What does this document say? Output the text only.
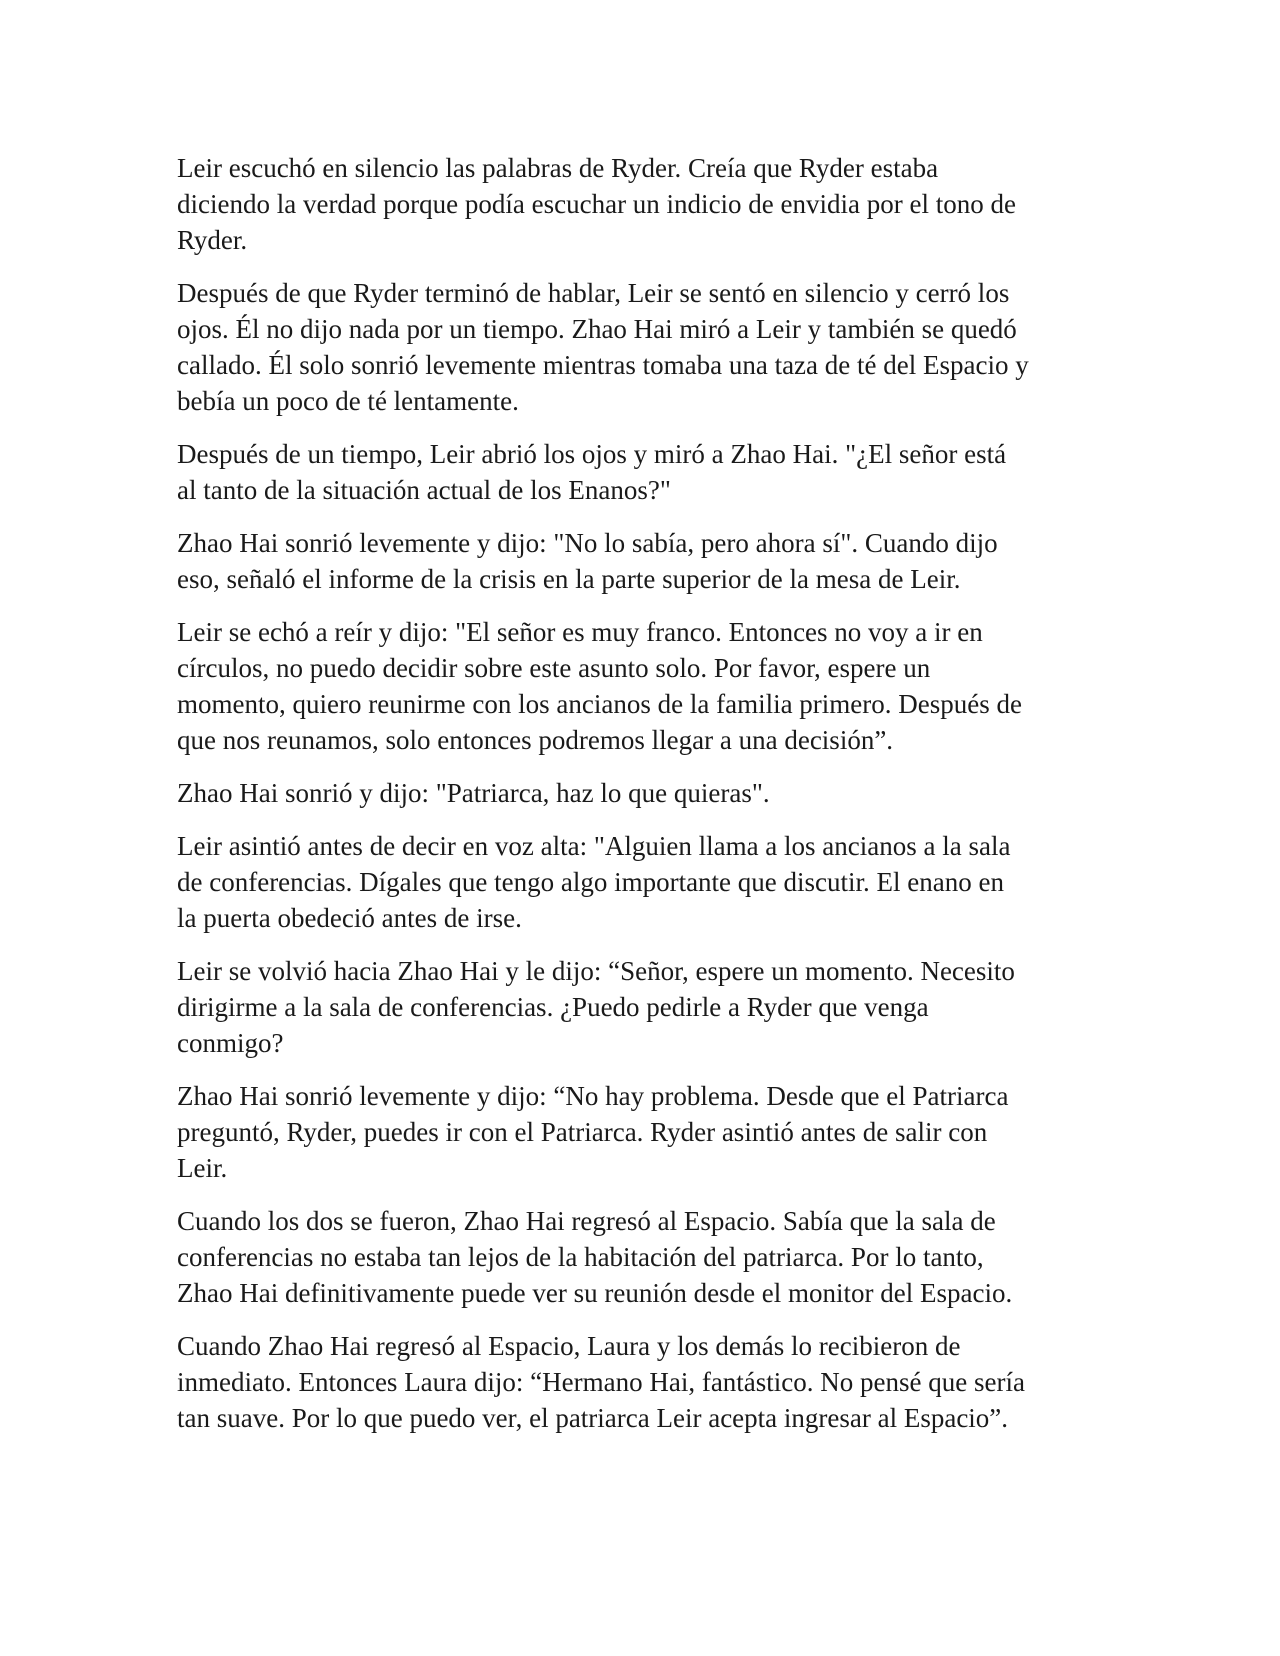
Leir escuchó en silencio las palabras de Ryder. Creía que Ryder estaba
diciendo la verdad porque podía escuchar un indicio de envidia por el tono de
Ryder.

Después de que Ryder terminó de hablar, Leir se sentó en silencio y cerró los
ojos. Él no dijo nada por un tiempo. Zhao Hai miró a Leir y también se quedó
callado. Él solo sonrió levemente mientras tomaba una taza de té del Espacio y
bebía un poco de té lentamente.

Después de un tiempo, Leir abrió los ojos y miró a Zhao Hai. "¿El señor está
al tanto de la situación actual de los Enanos?"

Zhao Hai sonrió levemente y dijo: "No lo sabía, pero ahora sí". Cuando dijo
eso, señaló el informe de la crisis en la parte superior de la mesa de Leir.

Leir se echó a reír y dijo: "El señor es muy franco. Entonces no voy a ir en
círculos, no puedo decidir sobre este asunto solo. Por favor, espere un
momento, quiero reunirme con los ancianos de la familia primero. Después de
que nos reunamos, solo entonces podremos llegar a una decisión”.

Zhao Hai sonrió y dijo: "Patriarca, haz lo que quieras".

Leir asintió antes de decir en voz alta: "Alguien llama a los ancianos a la sala
de conferencias. Dígales que tengo algo importante que discutir. El enano en
la puerta obedeció antes de irse.

Leir se volvió hacia Zhao Hai y le dijo: “Señor, espere un momento. Necesito
dirigirme a la sala de conferencias. ¿Puedo pedirle a Ryder que venga
conmigo?

Zhao Hai sonrió levemente y dijo: “No hay problema. Desde que el Patriarca
preguntó, Ryder, puedes ir con el Patriarca. Ryder asintió antes de salir con
Leir.

Cuando los dos se fueron, Zhao Hai regresó al Espacio. Sabía que la sala de
conferencias no estaba tan lejos de la habitación del patriarca. Por lo tanto,
Zhao Hai definitivamente puede ver su reunión desde el monitor del Espacio.

Cuando Zhao Hai regresó al Espacio, Laura y los demás lo recibieron de
inmediato. Entonces Laura dijo: “Hermano Hai, fantástico. No pensé que sería
tan suave. Por lo que puedo ver, el patriarca Leir acepta ingresar al Espacio”.
